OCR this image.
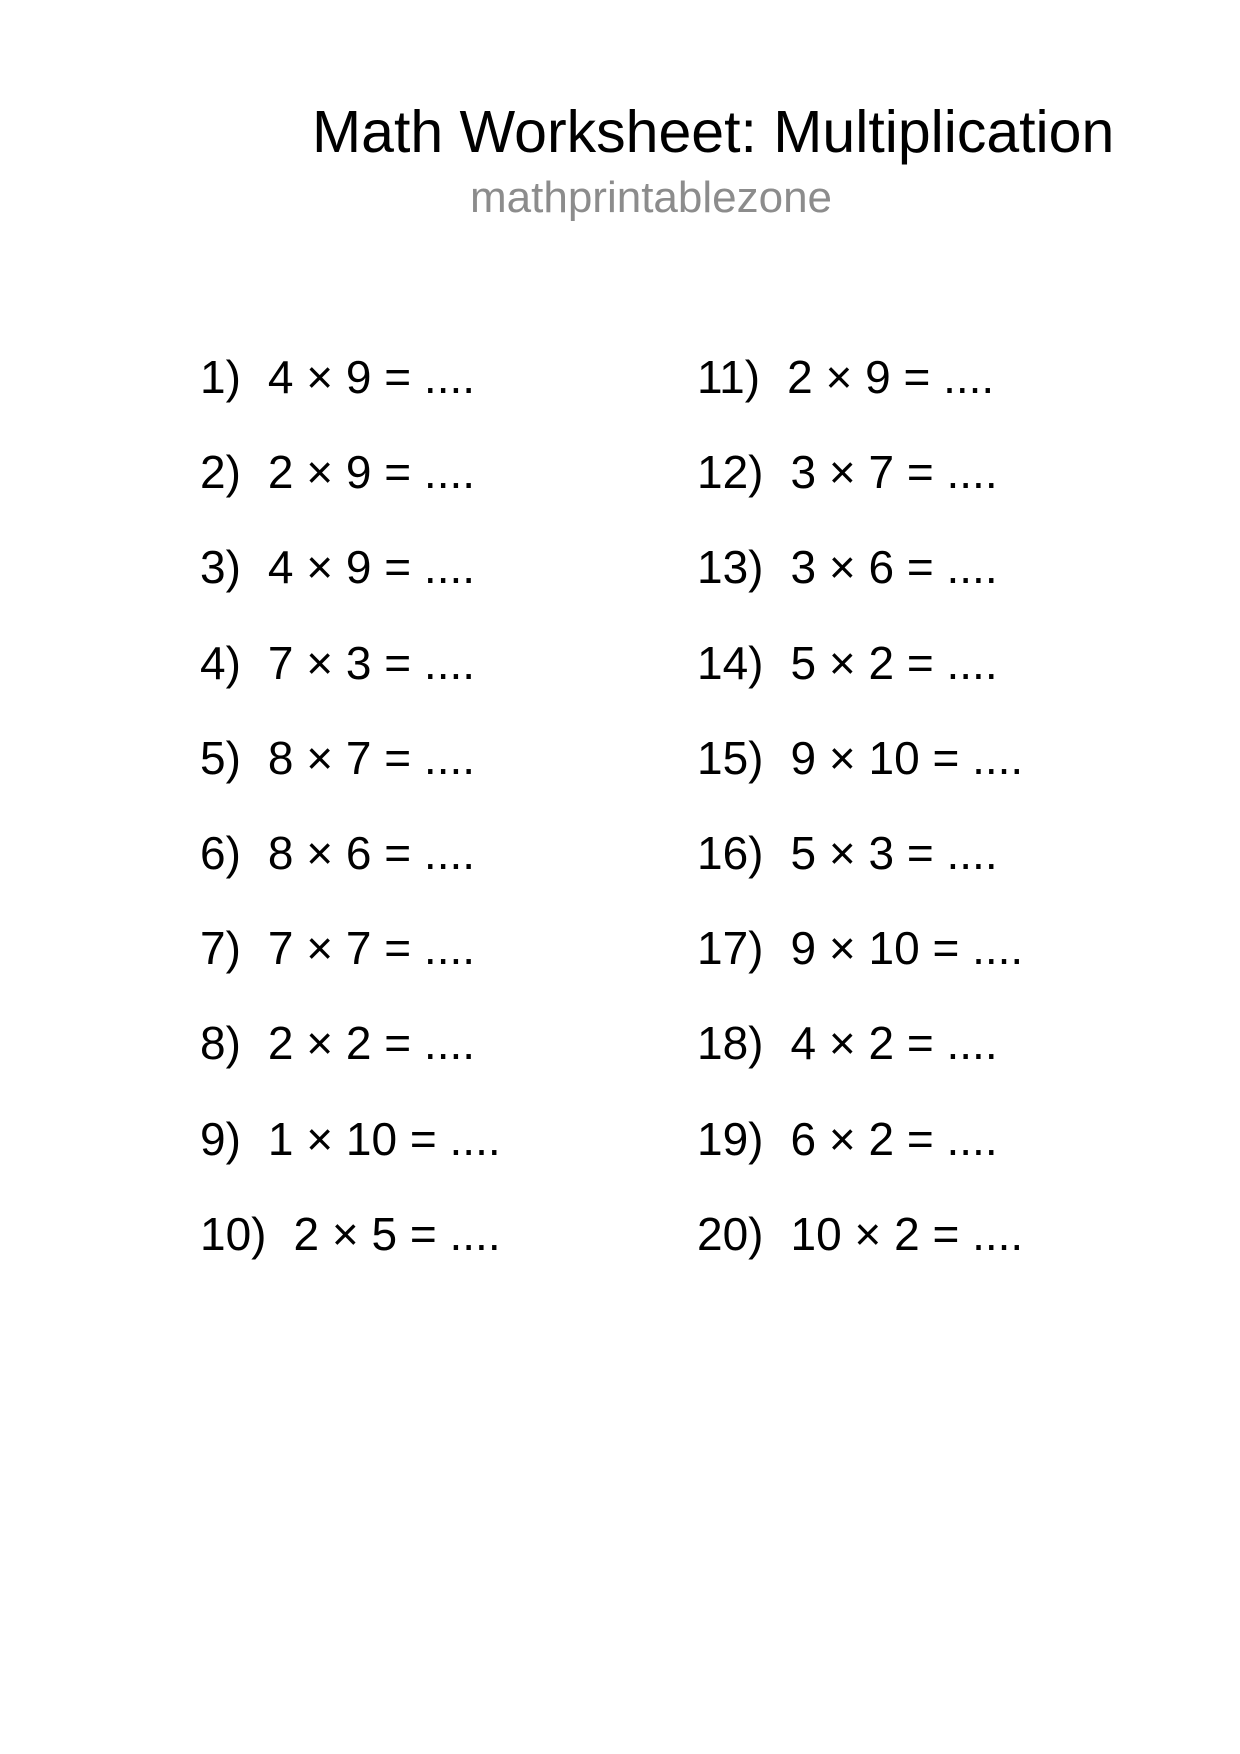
Math Worksheet: Multiplication
mathprintablezone
1) 4 × 9 = ....
2) 2 × 9 = ....
3) 4 × 9 = ....
4) 7 × 3 = ....
5) 8 × 7 = ....
6) 8 × 6 = ....
7) 7 × 7 = ....
8) 2 × 2 = ....
9) 1 × 10 = ....
10) 2 × 5 = ....
11) 2 × 9 = ....
12) 3 × 7 = ....
13) 3 × 6 = ....
14) 5 × 2 = ....
15) 9 × 10 = ....
16) 5 × 3 = ....
17) 9 × 10 = ....
18) 4 × 2 = ....
19) 6 × 2 = ....
20) 10 × 2 = ....
